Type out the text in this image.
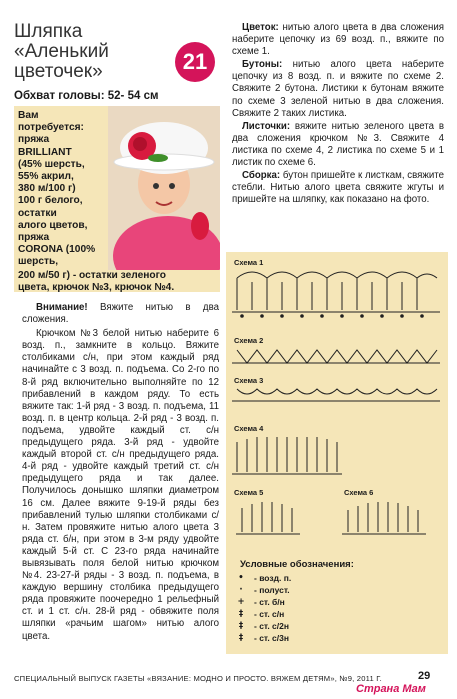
Шляпка
«Аленький
цветочек»	21
Обхват головы: 52- 54 см
Вам
потребуется:
пряжа
BRILLIANT
(45% шерсть,
55% акрил,
380 м/100 г)
100 г белого,
остатки
алого цветов,
пряжа
CORONA (100% шерсть,
200 м/50 г) - остатки зеленого
цвета, крючок №3, крючок №4.

Внимание! Вяжите нитью в два сложения.

Крючком №3 белой нитью наберите 6 возд. п., замкните в кольцо. Вяжите столбиками с/н, при этом каждый ряд начинайте с 3 возд. п. подъема. Со 2-го по 8-й ряд включительно выполняйте по 12 прибавлений в каждом ряду. То есть вяжите так: 1-й ряд - 3 возд. п. подъема, 11 возд. п. в центр кольца. 2-й ряд - 3 возд. п. подъема, удвойте каждый ст. с/н предыдущего ряда. 3-й ряд - удвойте каждый второй ст. с/н предыдущего ряда. 4-й ряд - удвойте каждый третий ст. с/н предыдущего ряда и так далее. Получилось донышко шляпки диаметром 16 см. Далее вяжите 9-19-й ряды без прибавлений тулью шляпки столбиками с/н. Затем провяжите нитью алого цвета 3 ряда ст. б/н, при этом в 3-м ряду удвойте каждый 5-й ст. С 23-го ряда начинайте вывязывать поля белой нитью крючком №4. 23-27-й ряды - 3 возд. п. подъема, в каждую вершину столбика предыдущего ряда провяжите поочередно 1 рельефный ст. и 1 ст. с/н. 28-й ряд - обвяжите поля шляпки «рачьим шагом» нитью алого цвета.

Цветок: нитью алого цвета в два сложения наберите цепочку из 69 возд. п., вяжите по схеме 1.

Бутоны: нитью алого цвета наберите цепочку из 8 возд. п. и вяжите по схеме 2. Свяжите 2 бутона. Листики к бутонам вяжите по схеме 3 зеленой нитью в два сложения. Свяжите 2 таких листика.

Листочки: вяжите нитью зеленого цвета в два сложения крючком №3. Свяжите 4 листика по схеме 4, 2 листика по схеме 5 и 1 листик по схеме 6.

Сборка: бутон пришейте к листкам, свяжите стебли. Нитью алого цвета свяжите жгуты и пришейте на шляпку, как показано на фото.

Схема 1
Схема 2
Схема 3
Схема 4
Схема 5	Схема 6
Условные обозначения:
•	- возд. п.
·	- полуст.
+	- ст. б/н
‡	- ст. с/н
‡	- ст. с/2н
‡	- ст. с/3н
СПЕЦИАЛЬНЫЙ ВЫПУСК ГАЗЕТЫ «ВЯЗАНИЕ: МОДНО И ПРОСТО. ВЯЖЕМ ДЕТЯМ», №9, 2011 Г.	29
Страна Мам
